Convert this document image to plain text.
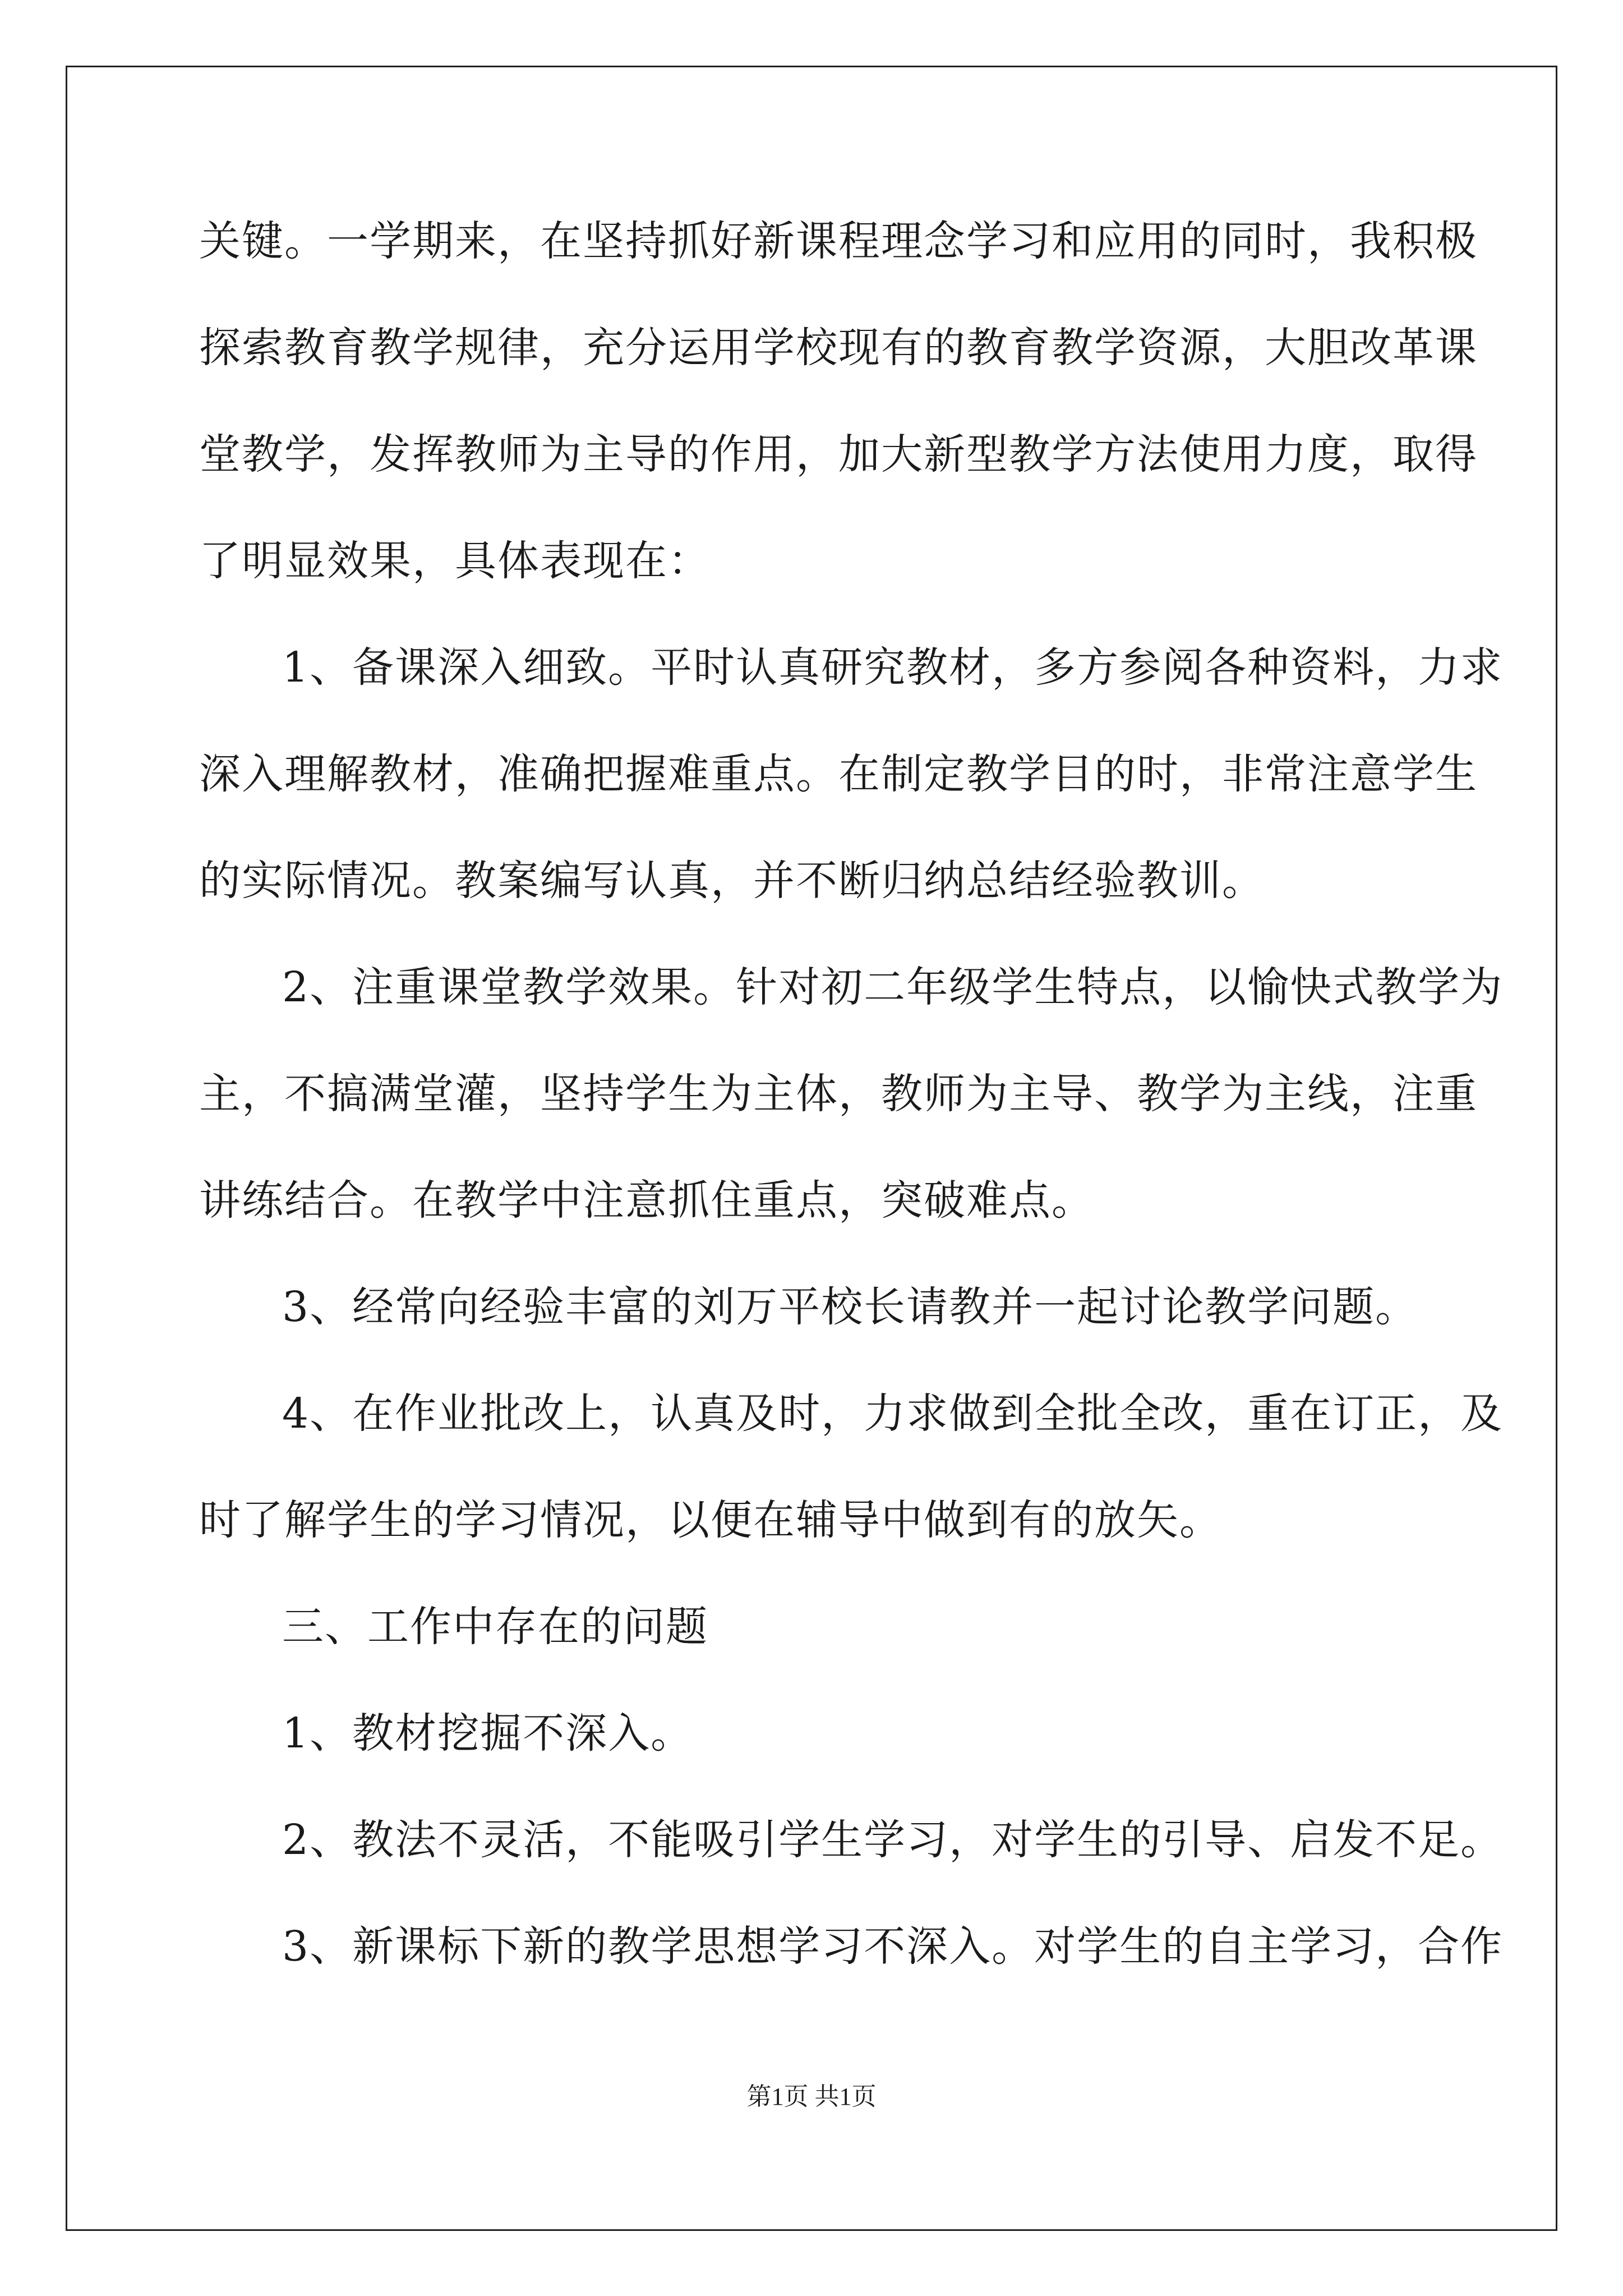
关键。一学期来，在坚持抓好新课程理念学习和应用的同时，我积极
探索教育教学规律，充分运用学校现有的教育教学资源，大胆改革课
堂教学，发挥教师为主导的作用，加大新型教学方法使用力度，取得
了明显效果，具体表现在：
1、备课深入细致。平时认真研究教材，多方参阅各种资料，力求
深入理解教材，准确把握难重点。在制定教学目的时，非常注意学生
的实际情况。教案编写认真，并不断归纳总结经验教训。
2、注重课堂教学效果。针对初二年级学生特点，以愉快式教学为
主，不搞满堂灌，坚持学生为主体，教师为主导、教学为主线，注重
讲练结合。在教学中注意抓住重点，突破难点。
3、经常向经验丰富的刘万平校长请教并一起讨论教学问题。
4、在作业批改上，认真及时，力求做到全批全改，重在订正，及
时了解学生的学习情况，以便在辅导中做到有的放矢。
三、工作中存在的问题
1、教材挖掘不深入。
2、教法不灵活，不能吸引学生学习，对学生的引导、启发不足。
3、新课标下新的教学思想学习不深入。对学生的自主学习，合作
第1页 共1页
